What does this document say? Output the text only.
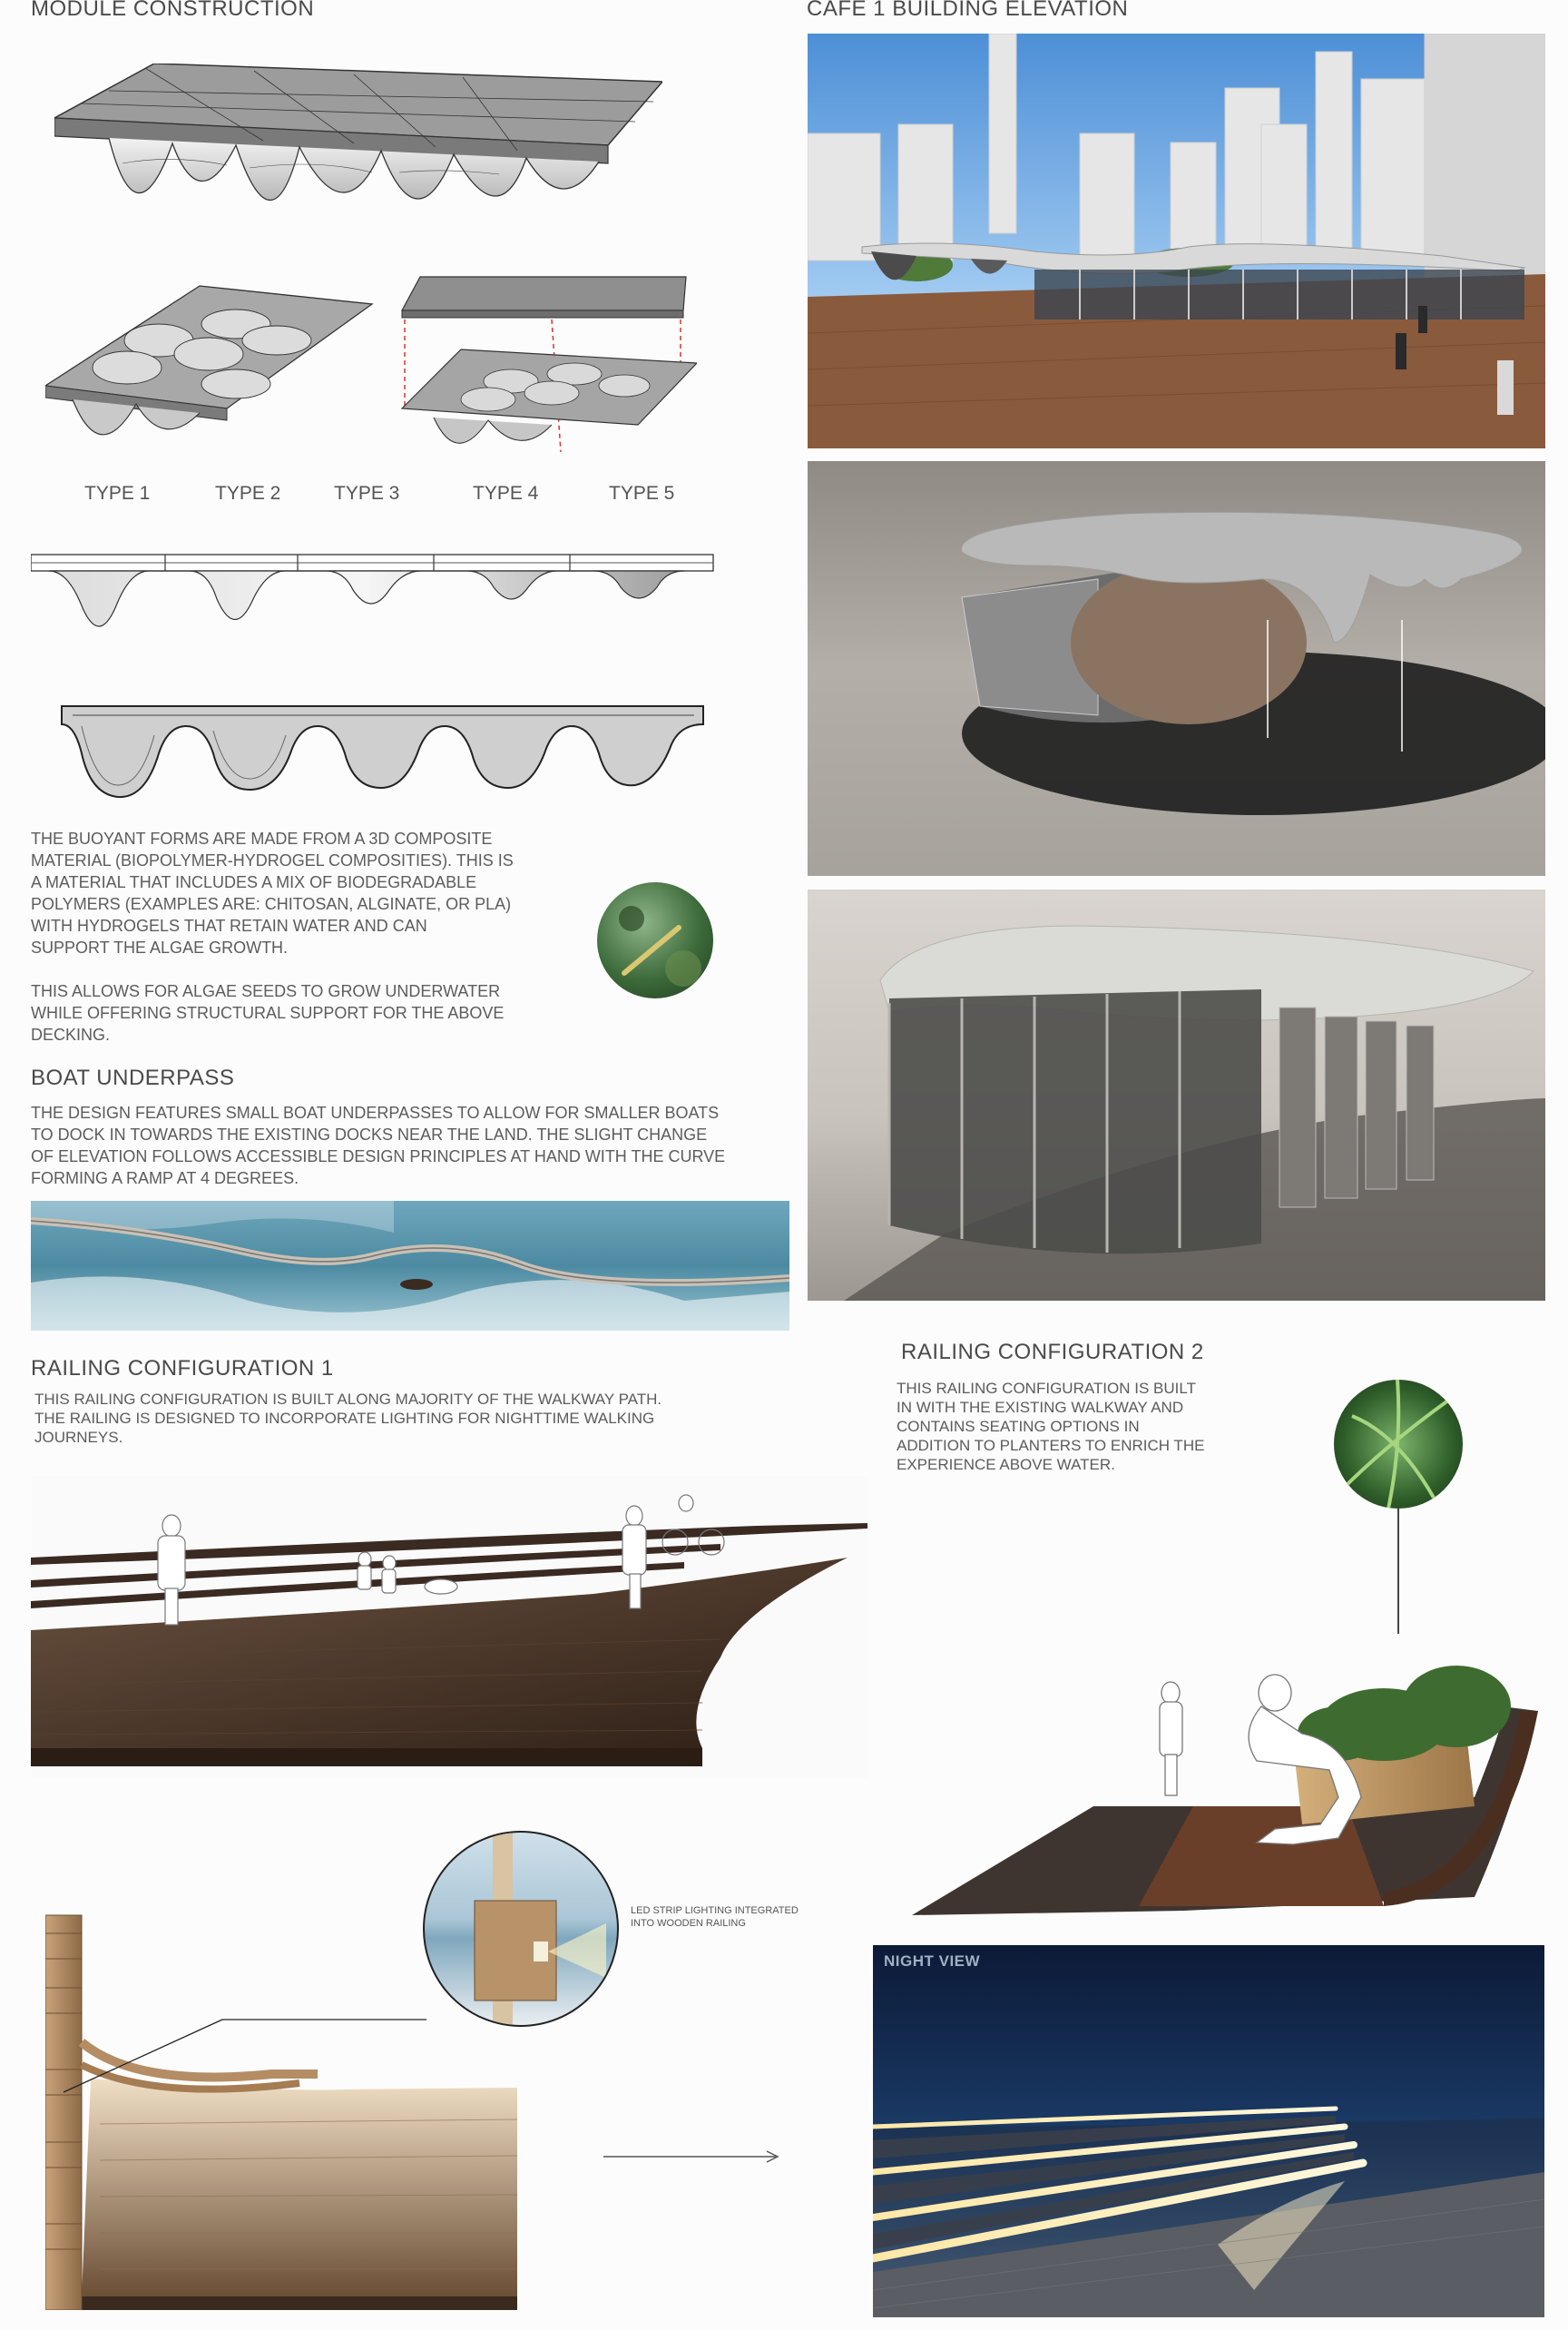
MODULE CONSTRUCTION
TYPE 1	TYPE 2	TYPE 3	TYPE 4	TYPE 5
THE BUOYANT FORMS ARE MADE FROM A 3D COMPOSITE
MATERIAL (BIOPOLYMER-HYDROGEL COMPOSITIES). THIS IS
A MATERIAL THAT INCLUDES A MIX OF BIODEGRADABLE
POLYMERS (EXAMPLES ARE: CHITOSAN, ALGINATE, OR PLA)
WITH HYDROGELS THAT RETAIN WATER AND CAN
SUPPORT THE ALGAE GROWTH.
THIS ALLOWS FOR ALGAE SEEDS TO GROW UNDERWATER
WHILE OFFERING STRUCTURAL SUPPORT FOR THE ABOVE
DECKING.
BOAT UNDERPASS
THE DESIGN FEATURES SMALL BOAT UNDERPASSES TO ALLOW FOR SMALLER BOATS
TO DOCK IN TOWARDS THE EXISTING DOCKS NEAR THE LAND. THE SLIGHT CHANGE
OF ELEVATION FOLLOWS ACCESSIBLE DESIGN PRINCIPLES AT HAND WITH THE CURVE
FORMING A RAMP AT 4 DEGREES.
RAILING CONFIGURATION 1
THIS RAILING CONFIGURATION IS BUILT ALONG MAJORITY OF THE WALKWAY PATH.
THE RAILING IS DESIGNED TO INCORPORATE LIGHTING FOR NIGHTTIME WALKING
JOURNEYS.
LED STRIP LIGHTING INTEGRATED
INTO WOODEN RAILING
CAFE 1 BUILDING ELEVATION
RAILING CONFIGURATION 2
THIS RAILING CONFIGURATION IS BUILT
IN WITH THE EXISTING WALKWAY AND
CONTAINS SEATING OPTIONS IN
ADDITION TO PLANTERS TO ENRICH THE
EXPERIENCE ABOVE WATER.
NIGHT VIEW
